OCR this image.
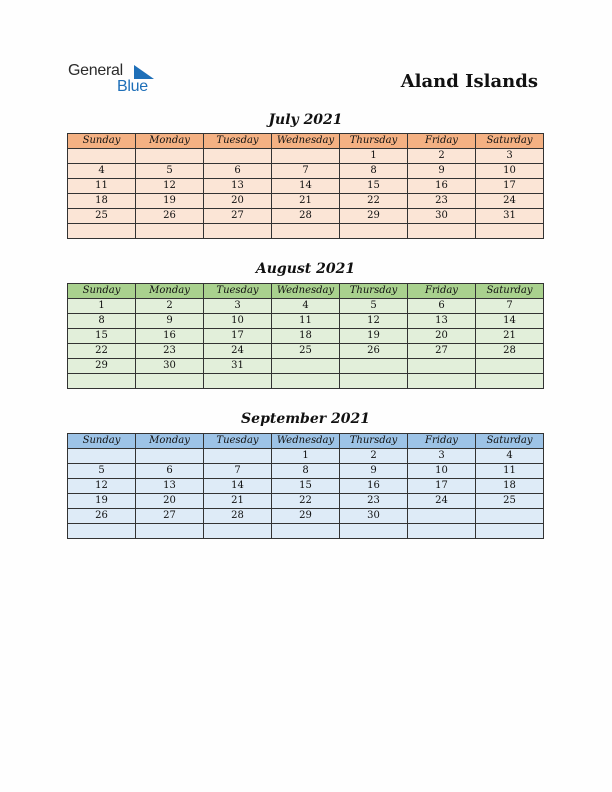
General
Blue	Aland Islands
July 2021
Sunday	Monday	Tuesday	Wednesday	Thursday	Friday	Saturday
				1	2	3
4	5	6	7	8	9	10
11	12	13	14	15	16	17
18	19	20	21	22	23	24
25	26	27	28	29	30	31

August 2021
Sunday	Monday	Tuesday	Wednesday	Thursday	Friday	Saturday
1	2	3	4	5	6	7
8	9	10	11	12	13	14
15	16	17	18	19	20	21
22	23	24	25	26	27	28
29	30	31				

September 2021
Sunday	Monday	Tuesday	Wednesday	Thursday	Friday	Saturday
			1	2	3	4
5	6	7	8	9	10	11
12	13	14	15	16	17	18
19	20	21	22	23	24	25
26	27	28	29	30		
